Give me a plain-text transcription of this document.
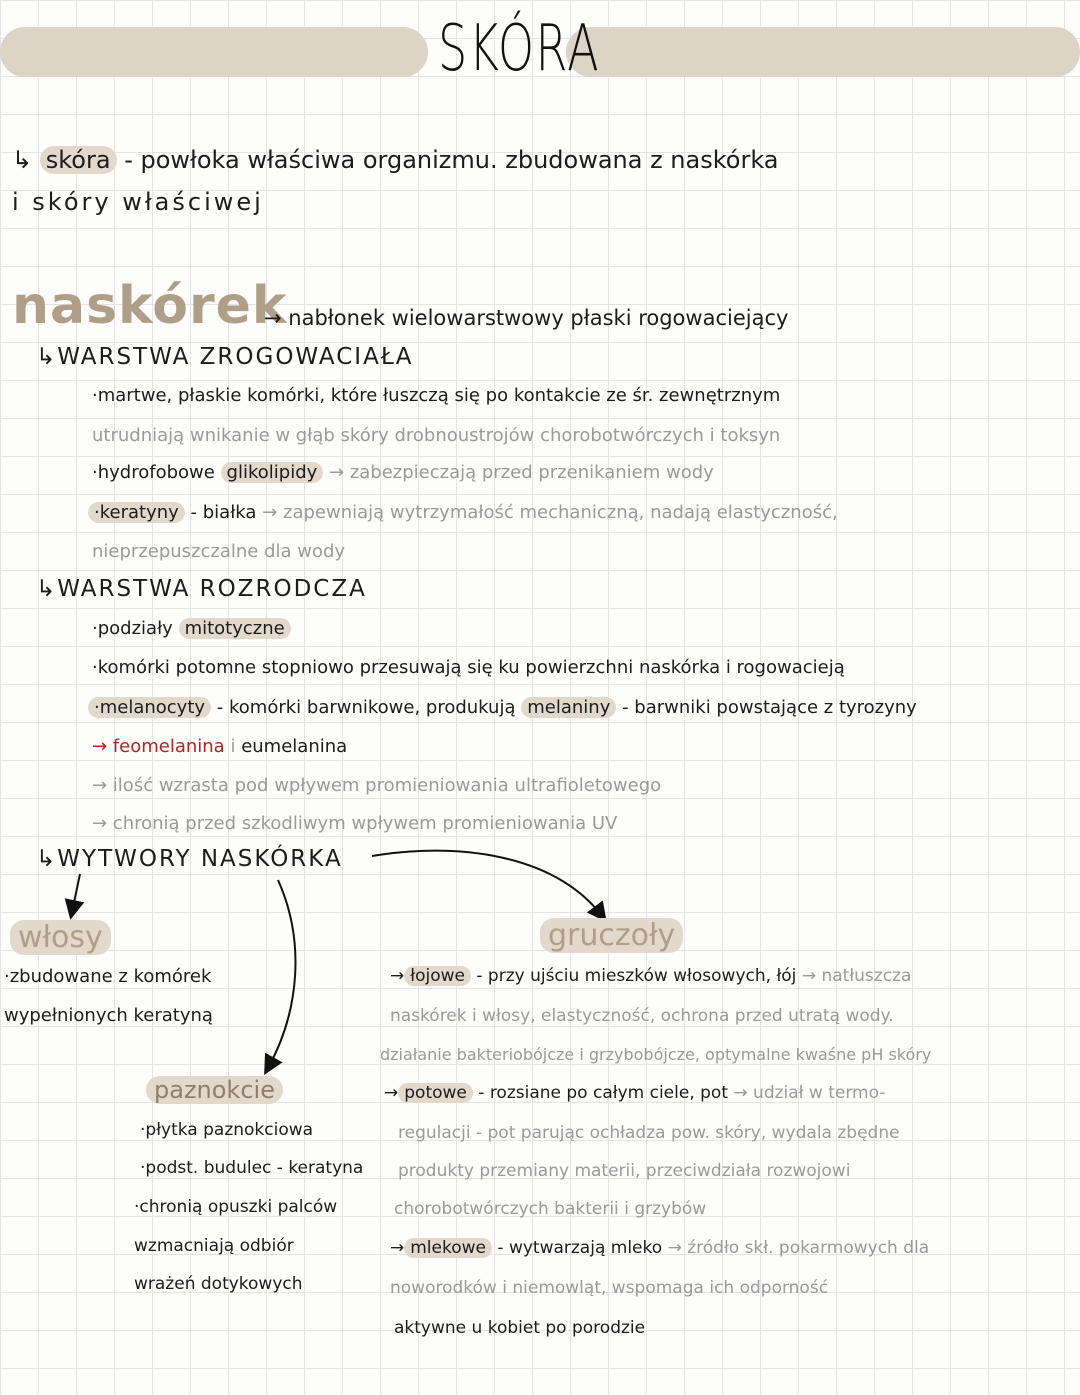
SKÓRA
↳ skóra - powłoka właściwa organizmu. zbudowana z naskórka
i skóry właściwej
naskórek
→ nabłonek wielowarstwowy płaski rogowaciejący
↳WARSTWA ZROGOWACIAŁA
·martwe, płaskie komórki, które łuszczą się po kontakcie ze śr. zewnętrznym
utrudniają wnikanie w głąb skóry drobnoustrojów chorobotwórczych i toksyn
·hydrofobowe glikolipidy → zabezpieczają przed przenikaniem wody
·keratyny - białka → zapewniają wytrzymałość mechaniczną, nadają elastyczność,
nieprzepuszczalne dla wody
↳WARSTWA ROZRODCZA
·podziały mitotyczne
·komórki potomne stopniowo przesuwają się ku powierzchni naskórka i rogowacieją
·melanocyty - komórki barwnikowe, produkują melaniny - barwniki powstające z tyrozyny
→ feomelanina i eumelanina
→ ilość wzrasta pod wpływem promieniowania ultrafioletowego
→ chronią przed szkodliwym wpływem promieniowania UV
↳WYTWORY NASKÓRKA
włosy
·zbudowane z komórek
wypełnionych keratyną
paznokcie
·płytka paznokciowa
·podst. budulec - keratyna
·chronią opuszki palców
wzmacniają odbiór
wrażeń dotykowych
gruczoły
→ łojowe - przy ujściu mieszków włosowych, łój → natłuszcza
naskórek i włosy, elastyczność, ochrona przed utratą wody.
działanie bakteriobójcze i grzybobójcze, optymalne kwaśne pH skóry
→ potowe - rozsiane po całym ciele, pot → udział w termo-
regulacji - pot parując ochładza pow. skóry, wydala zbędne
produkty przemiany materii, przeciwdziała rozwojowi
chorobotwórczych bakterii i grzybów
→ mlekowe - wytwarzają mleko → źródło skł. pokarmowych dla
noworodków i niemowląt, wspomaga ich odporność
aktywne u kobiet po porodzie
